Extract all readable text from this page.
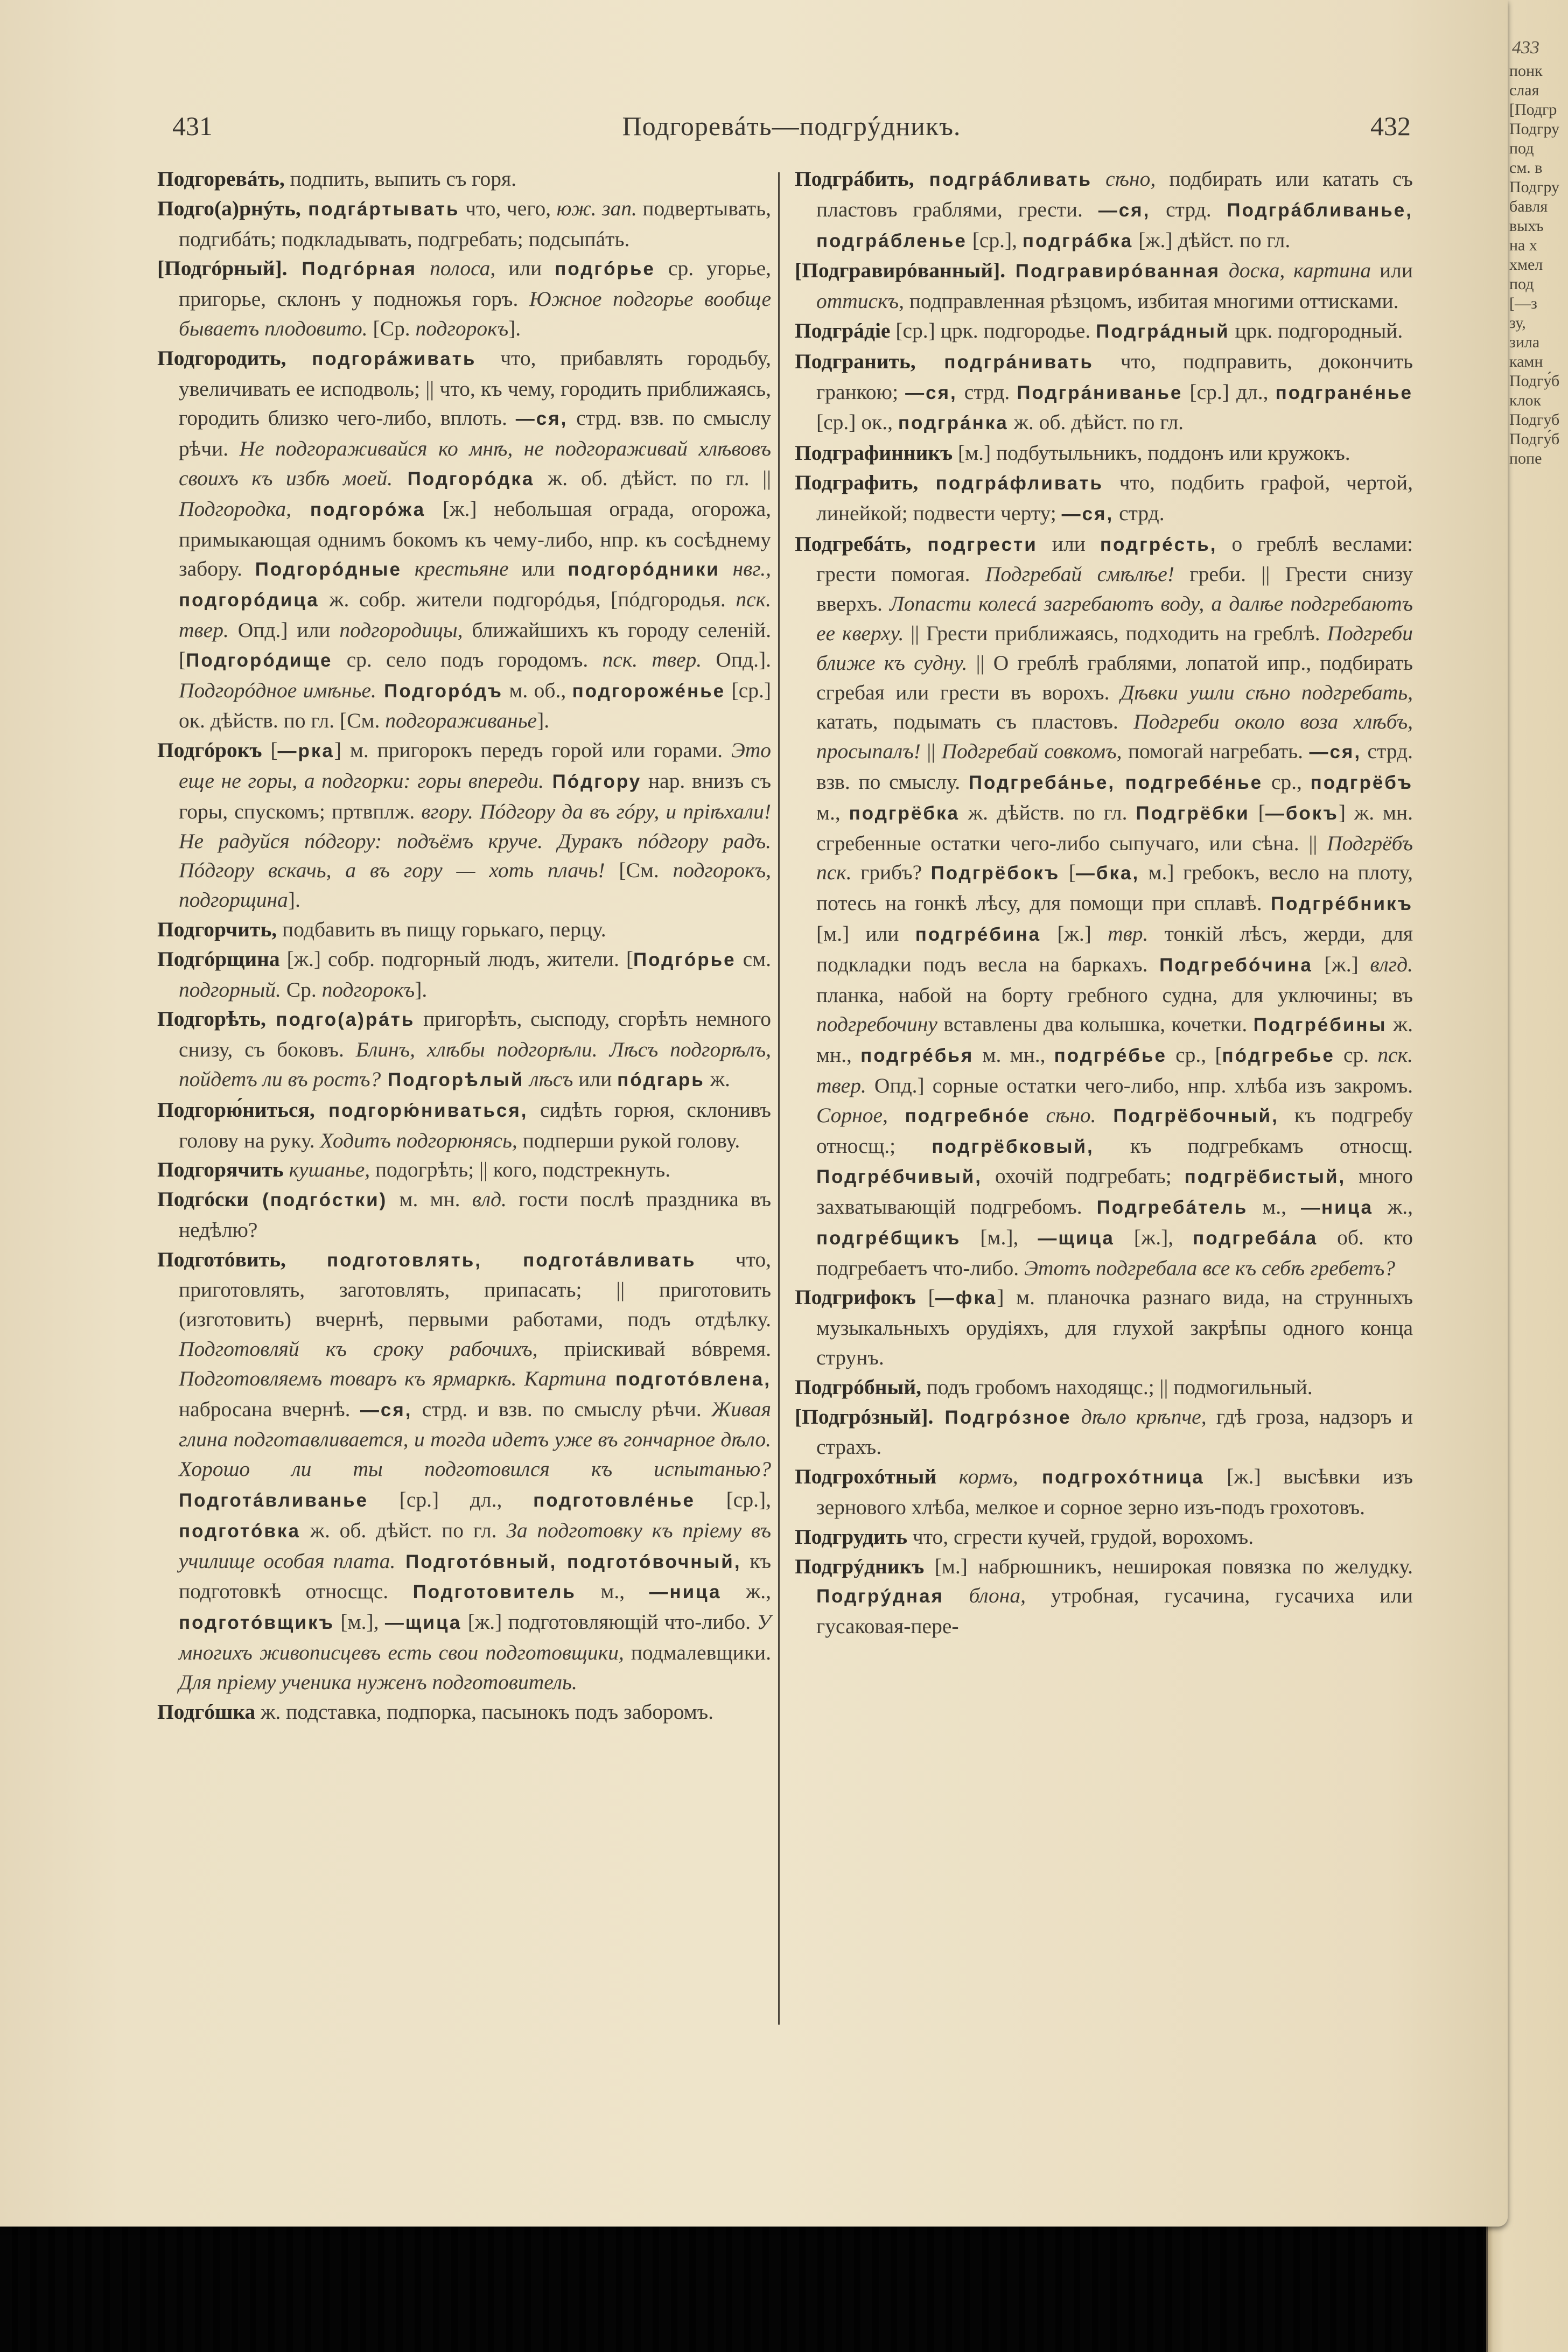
433
понк
слая
[Подгр
Подгру
под
см. в
Подгру
бавля
выхъ
на х
хмел
под
[—з
зу,
зила
камн
Подгу́б
клок
Подгуб
Подгу́б
попе
431	Подгоревáть—подгрýдникъ.	432

Подгоревáть, подпить, выпить съ горя.

Подго(а)рнýть, подгáртывать что, чего, юж. зап. подвертывать, подгибáть; подкладывать, подгребать; подсыпáть.

[Подгóрный]. Подгóрная полоса, или подгóрье ср. угорье, пригорье, склонъ у подножья горъ. Южное подгорье вообще бываетъ плодовито. [Ср. подгорокъ].

Подгородить, подгорáживать что, прибавлять городьбу, увеличивать ее исподволь; || что, къ чему, городить приближаясь, городить близко чего-либо, вплоть. —ся, стрд. взв. по смыслу рѣчи. Не подгораживайся ко мнѣ, не подгораживай хлѣвовъ своихъ къ избѣ моей. Подгорóдка ж. об. дѣйст. по гл. || Подгородка, подгорóжа [ж.] небольшая ограда, огорожа, примыкающая однимъ бокомъ къ чему-либо, нпр. къ сосѣднему забору. Подгорóдные крестьяне или подгорóдники нвг., подгорóдица ж. собр. жители подгорóдья, [пóдгородья. пск. твер. Опд.] или подгородицы, ближайшихъ къ городу селеній. [Подгорóдище ср. село подъ городомъ. пск. твер. Опд.]. Подгорóдное имѣнье. Подгорóдъ м. об., подгорожéнье [ср.] ок. дѣйств. по гл. [См. подгораживанье].

Подгóрокъ [—рка] м. пригорокъ передъ горой или горами. Это еще не горы, а подгорки: горы впереди. Пóдгору нар. внизъ съ горы, спускомъ; пртвплж. вгору. Пóдгору да въ гóру, и пріѣхали! Не радуйся пóдгору: подъёмъ круче. Дуракъ пóдгору радъ. Пóдгору вскачь, а въ гору — хоть плачь! [См. подгорокъ, подгорщина].

Подгорчить, подбавить въ пищу горькаго, перцу.

Подгóрщина [ж.] собр. подгорный людъ, жители. [Подгóрье см. подгорный. Ср. подгорокъ].

Подгорѣть, подго(а)рáть пригорѣть, сысподу, сгорѣть немного снизу, съ боковъ. Блинъ, хлѣбы подгорѣли. Лѣсъ подгорѣлъ, пойдетъ ли въ ростъ? Подгорѣлый лѣсъ или пóдгарь ж.

Подгорю́ниться, подгорю́ниваться, сидѣть горюя, склонивъ голову на руку. Ходитъ подгорюнясь, подперши рукой голову.

Подгорячить кушанье, подогрѣть; || кого, подстрекнуть.

Подгóски (подгóстки) м. мн. влд. гости послѣ праздника въ недѣлю?

Подготóвить, подготовлять, подготáвливать что, приготовлять, заготовлять, припасать; || приготовить (изготовить) вчернѣ, первыми работами, подъ отдѣлку. Подготовляй къ сроку рабочихъ, пріискивай вóвремя. Подготовляемъ товаръ къ ярмаркѣ. Картина подготóвлена, набросана вчернѣ. —ся, стрд. и взв. по смыслу рѣчи. Живая глина подготавливается, и тогда идетъ уже въ гончарное дѣло. Хорошо ли ты подготовился къ испытанью? Подготáвливанье [ср.] дл., подготовлéнье [ср.], подготóвка ж. об. дѣйст. по гл. За подготовку къ пріему въ училище особая плата. Подготóвный, подготóвочный, къ подготовкѣ относщс. Подготовитель м., —ница ж., подготóвщикъ [м.], —щица [ж.] подготовляющій что-либо. У многихъ живописцевъ есть свои подготовщики, подмалевщики. Для пріему ученика нуженъ подготовитель.

Подгóшка ж. подставка, подпорка, пасынокъ подъ заборомъ.

Подгрáбить, подгрáбливать сѣно, подбирать или катать съ пластовъ граблями, грести. —ся, стрд. Подгрáбливанье, подгрáбленье [ср.], подгрáбка [ж.] дѣйст. по гл.

[Подгравирóванный]. Подгравирóванная доска, картина или оттискъ, подправленная рѣзцомъ, избитая многими оттисками.

Подгрáдіе [ср.] црк. подгородье. Подгрáдный црк. подгородный.

Подгранить, подгрáнивать что, подправить, докончить гранкою; —ся, стрд. Подгрáниванье [ср.] дл., подгранéнье [ср.] ок., подгрáнка ж. об. дѣйст. по гл.

Подграфинникъ [м.] подбутыльникъ, поддонъ или кружокъ.

Подграфить, подгрáфливать что, подбить графой, чертой, линейкой; подвести черту; —ся, стрд.

Подгребáть, подгрести или подгрéсть, о греблѣ веслами: грести помогая. Подгребай смѣлѣе! греби. || Грести снизу вверхъ. Лопасти колесá загребаютъ воду, а далѣе подгребаютъ ее кверху. || Грести приближаясь, подходить на греблѣ. Подгреби ближе къ судну. || О греблѣ граблями, лопатой ипр., подбирать сгребая или грести въ ворохъ. Дѣвки ушли сѣно подгребать, катать, подымать съ пластовъ. Подгреби около воза хлѣбъ, просыпалъ! || Подгребай совкомъ, помогай нагребать. —ся, стрд. взв. по смыслу. Подгребáнье, подгребéнье ср., подгрёбъ м., подгрёбка ж. дѣйств. по гл. Подгрёбки [—бокъ] ж. мн. сгребенные остатки чего-либо сыпучаго, или сѣна. || Подгрёбъ пск. грибъ? Подгрёбокъ [—бка, м.] гребокъ, весло на плоту, потесь на гонкѣ лѣсу, для помощи при сплавѣ. Подгрéбникъ [м.] или подгрéбина [ж.] твр. тонкій лѣсъ, жерди, для подкладки подъ весла на баркахъ. Подгребóчина [ж.] влгд. планка, набой на борту гребного судна, для уключины; въ подгребочину вставлены два колышка, кочетки. Подгрéбины ж. мн., подгрéбья м. мн., подгрéбье ср., [пóдгребье ср. пск. твер. Опд.] сорные остатки чего-либо, нпр. хлѣба изъ закромъ. Сорное, подгребнóе сѣно. Подгрёбочный, къ подгребу относщ.; подгрёбковый, къ подгребкамъ относщ. Подгрéбчивый, охочій подгребать; подгрёбистый, много захватывающій подгребомъ. Подгребáтель м., —ница ж., подгрéбщикъ [м.], —щица [ж.], подгребáла об. кто подгребаетъ что-либо. Этотъ подгребала все къ себѣ гребетъ?

Подгрифокъ [—фка] м. планочка разнаго вида, на струнныхъ музыкальныхъ орудіяхъ, для глухой закрѣпы одного конца струнъ.

Подгрóбный, подъ гробомъ находящс.; || подмогильный.

[Подгрóзный]. Подгрóзное дѣло крѣпче, гдѣ гроза, надзоръ и страхъ.

Подгрохóтный кормъ, подгрохóтница [ж.] высѣвки изъ зернового хлѣба, мелкое и сорное зерно изъ-подъ грохотовъ.

Подгрудить что, сгрести кучей, грудой, ворохомъ.

Подгрýдникъ [м.] набрюшникъ, неширокая повязка по желудку. Подгрýдная блона, утробная, гусачина, гусачиха или гусаковая-пере-
